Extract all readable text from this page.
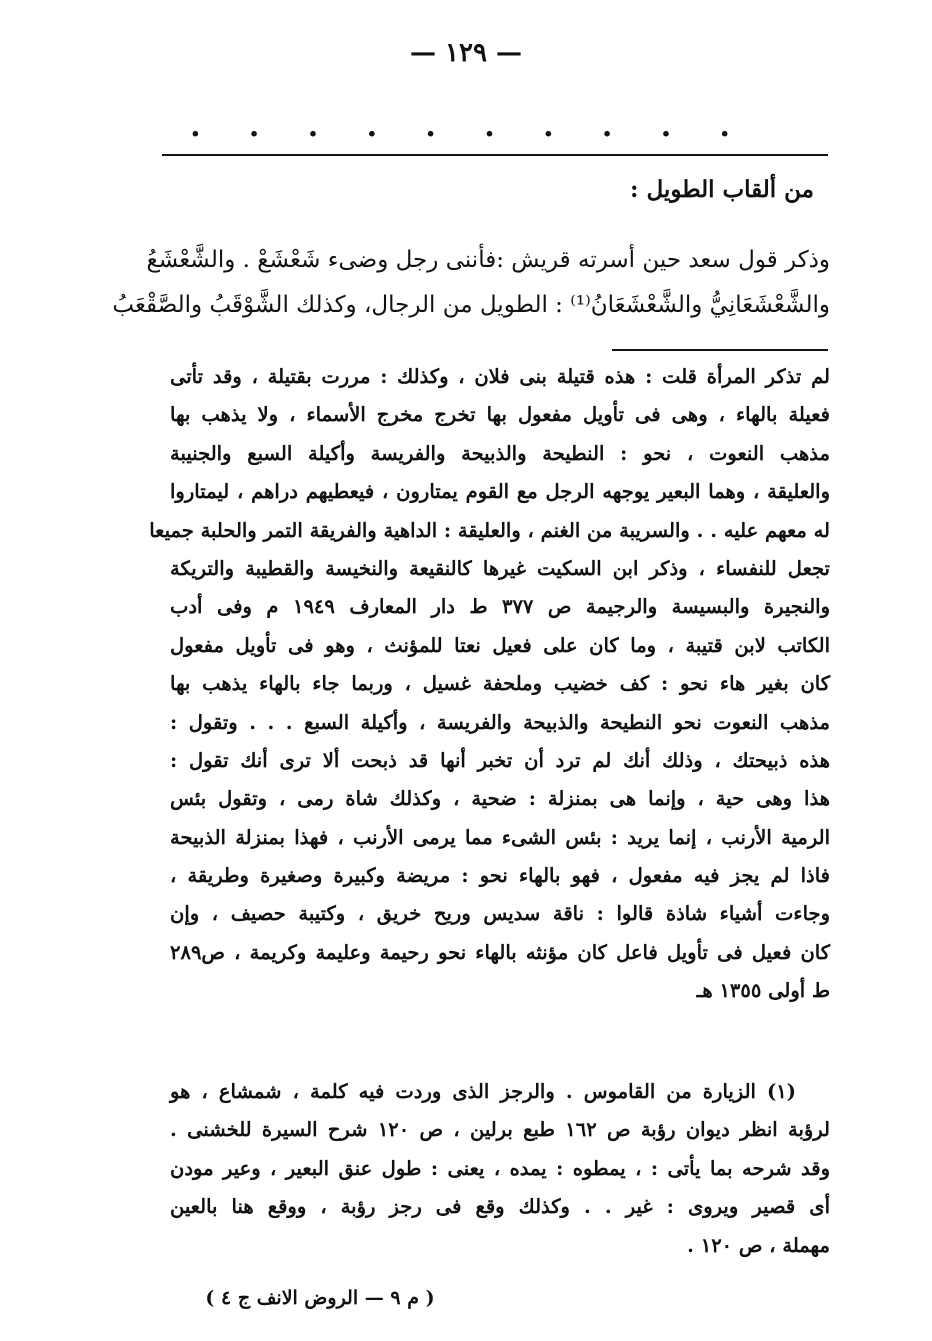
— ١٢٩ —
.
.
.
.
.
.
.
.
.
.
من ألقاب الطويل :
وذكر قول سعد حين أسرته قريش :فأننى رجل وضىء شَعْشَعْ . والشَّعْشَعُ
والشَّعْشَعَانِيُّ والشَّعْشَعَانُ⁽¹⁾ : الطويل من الرجال، وكذلك الشَّوْقَبُ والصَّقْعَبُ
لم تذكر المرأة قلت : هذه قتيلة بنى فلان ، وكذلك : مررت بقتيلة ، وقد تأتى
فعيلة بالهاء ، وهى فى تأويل مفعول بها تخرج مخرج الأسماء ، ولا يذهب بها
مذهب النعوت ، نحو : النطيحة والذبيحة والفريسة وأكيلة السبع والجنيبة
والعليقة ، وهما البعير يوجهه الرجل مع القوم يمتارون ، فيعطيهم دراهم ، ليمتاروا
له معهم عليه . . والسريبة من الغنم ، والعليقة : الداهية والفريقة التمر والحلبة جميعا
تجعل للنفساء ، وذكر ابن السكيت غيرها كالنقيعة والنخيسة والقطيبة والتريكة
والنجيرة والبسيسة والرجيمة ص ٣٧٧ ط دار المعارف ١٩٤٩ م وفى أدب
الكاتب لابن قتيبة ، وما كان على فعيل نعتا للمؤنث ، وهو فى تأويل مفعول
كان بغير هاء نحو : كف خضيب وملحفة غسيل ، وربما جاء بالهاء يذهب بها
مذهب النعوت نحو النطيحة والذبيحة والفريسة ، وأكيلة السبع . . . وتقول :
هذه ذبيحتك ، وذلك أنك لم ترد أن تخبر أنها قد ذبحت ألا ترى أنك تقول :
هذا وهى حية ، وإنما هى بمنزلة : ضحية ، وكذلك شاة رمى ، وتقول بئس
الرمية الأرنب ، إنما يريد : بئس الشىء مما يرمى الأرنب ، فهذا بمنزلة الذبيحة
فاذا لم يجز فيه مفعول ، فهو بالهاء نحو : مريضة وكبيرة وصغيرة وطريقة ،
وجاءت أشياء شاذة قالوا : ناقة سديس وريح خريق ، وكتيبة حصيف ، وإن
كان فعيل فى تأويل فاعل كان مؤنثه بالهاء نحو رحيمة وعليمة وكريمة ، ص٢٨٩
ط أولى ١٣٥٥ هـ
(١) الزيارة من القاموس . والرجز الذى وردت فيه كلمة ، شمشاع ، هو
لرؤبة انظر ديوان رؤبة ص ١٦٢ طبع برلين ، ص ١٢٠ شرح السيرة للخشنى .
وقد شرحه بما يأتى : ، يمطوه : يمده ، يعنى : طول عنق البعير ، وعير مودن
أى قصير ويروى : غير . . وكذلك وقع فى رجز رؤبة ، ووقع هنا بالعين
مهملة ، ص ١٢٠ .
( م ٩ — الروض الانف ج ٤ )
